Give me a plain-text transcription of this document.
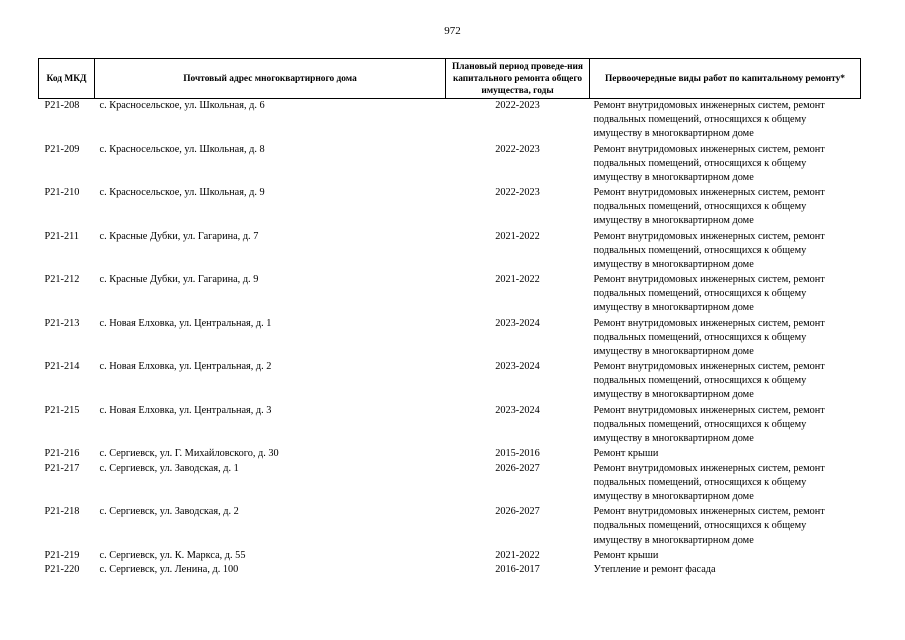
972
Код МКД	Почтовый адрес многоквартирного дома	Плановый период проведе-ния капитального ремонта общего имущества, годы	Первоочередные виды работ по капитальному ремонту*
Р21-208	с. Красносельское, ул. Школьная, д. 6	2022-2023	Ремонт внутридомовых инженерных систем, ремонт подвальных помещений, относящихся к общему имуществу в многоквартирном доме
Р21-209	с. Красносельское, ул. Школьная, д. 8	2022-2023	Ремонт внутридомовых инженерных систем, ремонт подвальных помещений, относящихся к общему имуществу в многоквартирном доме
Р21-210	с. Красносельское, ул. Школьная, д. 9	2022-2023	Ремонт внутридомовых инженерных систем, ремонт подвальных помещений, относящихся к общему имуществу в многоквартирном доме
Р21-211	с. Красные Дубки, ул. Гагарина, д. 7	2021-2022	Ремонт внутридомовых инженерных систем, ремонт подвальных помещений, относящихся к общему имуществу в многоквартирном доме
Р21-212	с. Красные Дубки, ул. Гагарина, д. 9	2021-2022	Ремонт внутридомовых инженерных систем, ремонт подвальных помещений, относящихся к общему имуществу в многоквартирном доме
Р21-213	с. Новая Елховка, ул. Центральная, д. 1	2023-2024	Ремонт внутридомовых инженерных систем, ремонт подвальных помещений, относящихся к общему имуществу в многоквартирном доме
Р21-214	с. Новая Елховка, ул. Центральная, д. 2	2023-2024	Ремонт внутридомовых инженерных систем, ремонт подвальных помещений, относящихся к общему имуществу в многоквартирном доме
Р21-215	с. Новая Елховка, ул. Центральная, д. 3	2023-2024	Ремонт внутридомовых инженерных систем, ремонт подвальных помещений, относящихся к общему имуществу в многоквартирном доме
Р21-216	с. Сергиевск, ул. Г. Михайловского, д. 30	2015-2016	Ремонт крыши
Р21-217	с. Сергиевск, ул. Заводская, д. 1	2026-2027	Ремонт внутридомовых инженерных систем, ремонт подвальных помещений, относящихся к общему имуществу в многоквартирном доме
Р21-218	с. Сергиевск, ул. Заводская, д. 2	2026-2027	Ремонт внутридомовых инженерных систем, ремонт подвальных помещений, относящихся к общему имуществу в многоквартирном доме
Р21-219	с. Сергиевск, ул. К. Маркса, д. 55	2021-2022	Ремонт крыши
Р21-220	с. Сергиевск, ул. Ленина, д. 100	2016-2017	Утепление и ремонт фасада
